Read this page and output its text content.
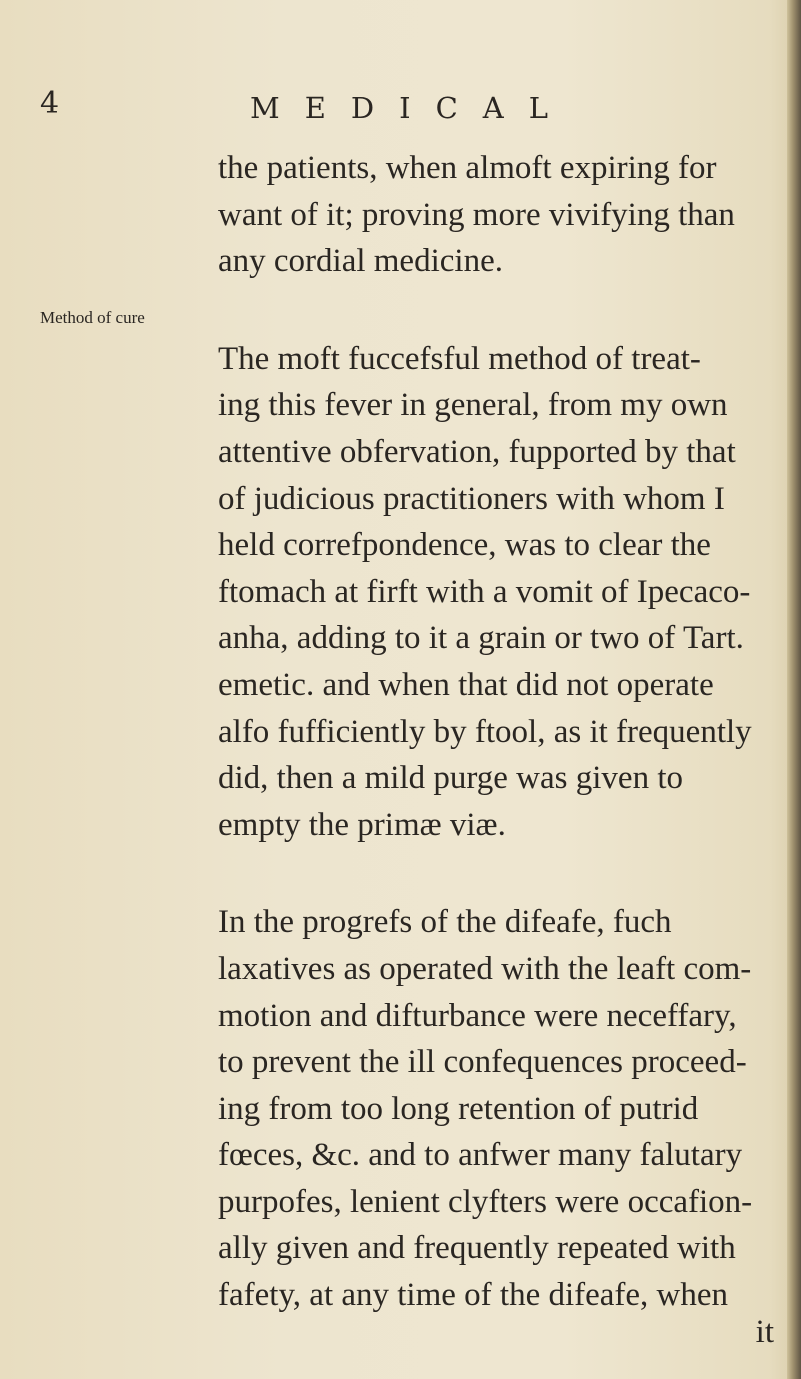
4	MEDICAL
Method of cure
the patients, when almoft expiring for
want of it; proving more vivifying than
any cordial medicine.
The moft fuccefsful method of treat-
ing this fever in general, from my own
attentive obfervation, fupported by that
of judicious practitioners with whom I
held correfpondence, was to clear the
ftomach at firft with a vomit of Ipecaco-
anha, adding to it a grain or two of Tart.
emetic. and when that did not operate
alfo fufficiently by ftool, as it frequently
did, then a mild purge was given to
empty the primæ viæ.
In the progrefs of the difeafe, fuch
laxatives as operated with the leaft com-
motion and difturbance were neceffary,
to prevent the ill confequences proceed-
ing from too long retention of putrid
fœces, &c. and to anfwer many falutary
purpofes, lenient clyfters were occafion-
ally given and frequently repeated with
fafety, at any time of the difeafe, when
it
